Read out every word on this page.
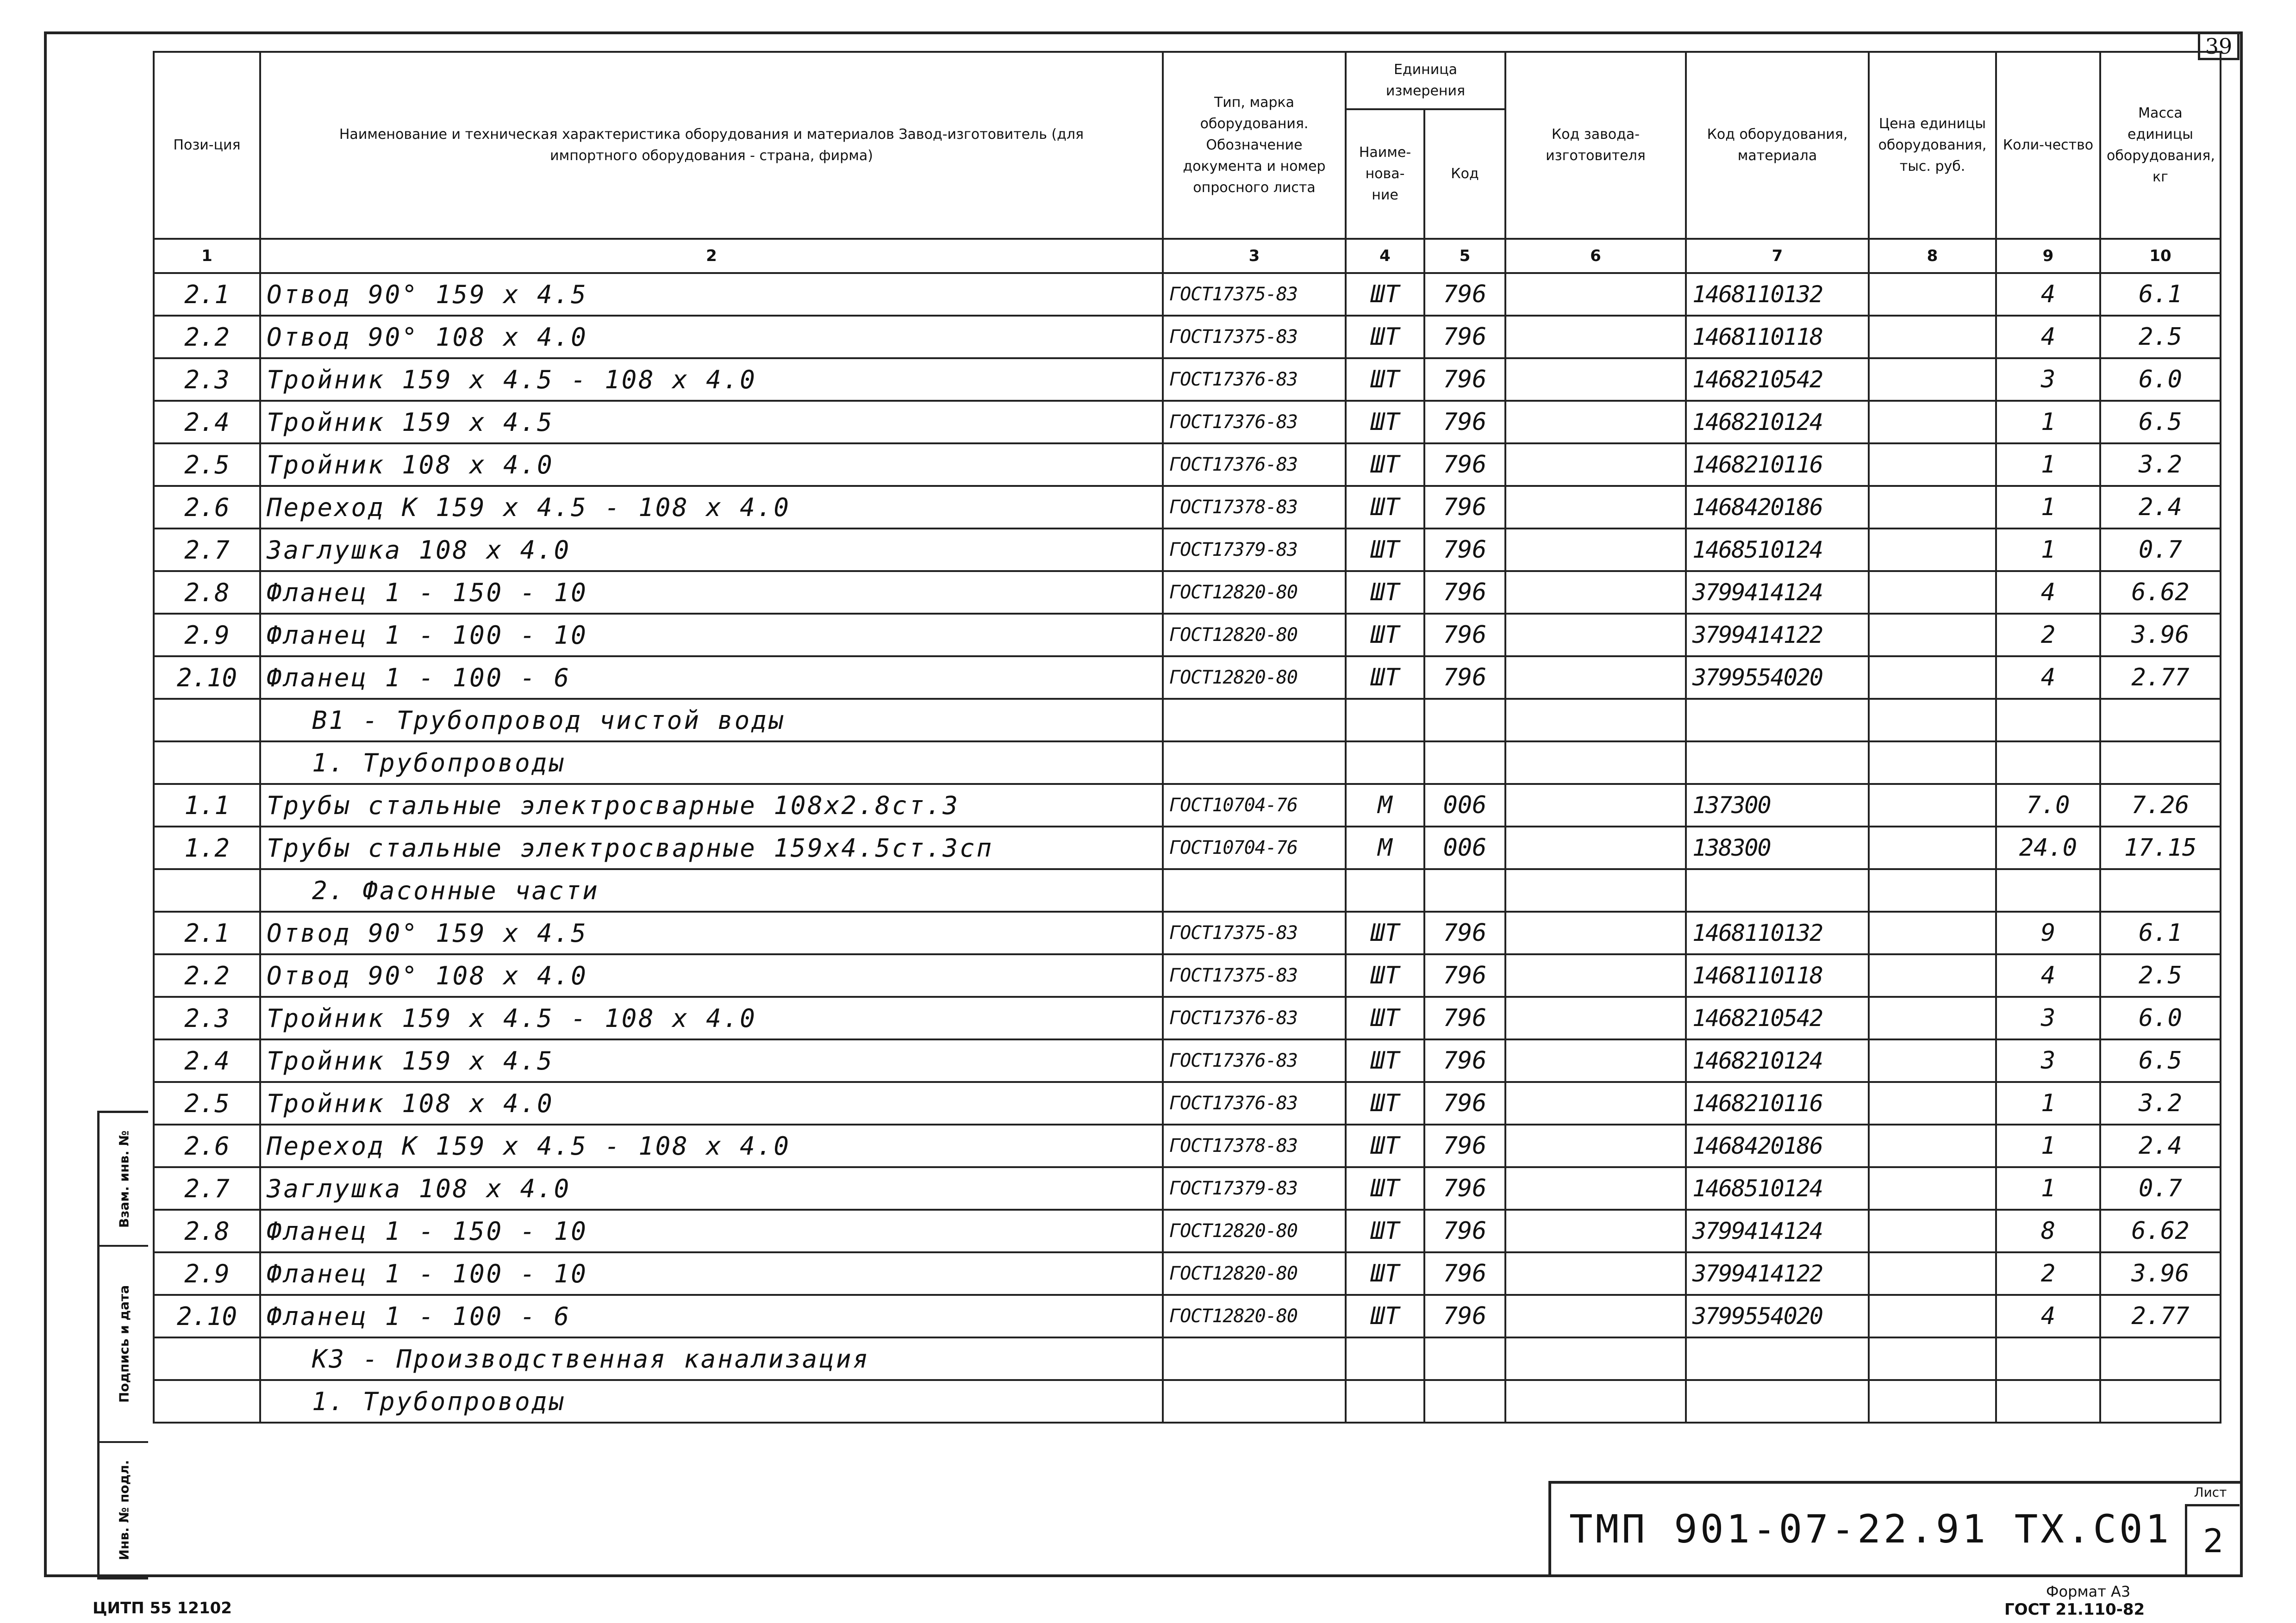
39
Пози-ция	Наименование и техническая характеристика оборудования и материалов Завод-изготовитель (для импортного оборудования - страна, фирма)	Тип, марка оборудования. Обозначение документа и номер опросного листа	Единица измерения		Код завода-изготовителя	Код оборудования, материала	Цена единицы оборудования, тыс. руб.	Коли-чество	Масса единицы оборудования, кг
			Наиме-нова-ние	Код					
1	2	3	4	5	6	7	8	9	10
2.1	Отвод 90° 159 х 4.5	ГОСТ17375-83	ШТ	796		1468110132		4	6.1
2.2	Отвод 90° 108 х 4.0	ГОСТ17375-83	ШТ	796		1468110118		4	2.5
2.3	Тройник 159 х 4.5 - 108 х 4.0	ГОСТ17376-83	ШТ	796		1468210542		3	6.0
2.4	Тройник 159 х 4.5	ГОСТ17376-83	ШТ	796		1468210124		1	6.5
2.5	Тройник 108 х 4.0	ГОСТ17376-83	ШТ	796		1468210116		1	3.2
2.6	Переход К 159 х 4.5 - 108 х 4.0	ГОСТ17378-83	ШТ	796		1468420186		1	2.4
2.7	Заглушка 108 х 4.0	ГОСТ17379-83	ШТ	796		1468510124		1	0.7
2.8	Фланец 1 - 150 - 10	ГОСТ12820-80	ШТ	796		3799414124		4	6.62
2.9	Фланец 1 - 100 - 10	ГОСТ12820-80	ШТ	796		3799414122		2	3.96
2.10	Фланец 1 - 100 - 6	ГОСТ12820-80	ШТ	796		3799554020		4	2.77
	В1 - Трубопровод чистой воды								
	1. Трубопроводы								
1.1	Трубы стальные электросварные 108х2.8ст.3	ГОСТ10704-76	М	006		137300		7.0	7.26
1.2	Трубы стальные электросварные 159х4.5ст.3сп	ГОСТ10704-76	М	006		138300		24.0	17.15
	2. Фасонные части								
2.1	Отвод 90° 159 х 4.5	ГОСТ17375-83	ШТ	796		1468110132		9	6.1
2.2	Отвод 90° 108 х 4.0	ГОСТ17375-83	ШТ	796		1468110118		4	2.5
2.3	Тройник 159 х 4.5 - 108 х 4.0	ГОСТ17376-83	ШТ	796		1468210542		3	6.0
2.4	Тройник 159 х 4.5	ГОСТ17376-83	ШТ	796		1468210124		3	6.5
2.5	Тройник 108 х 4.0	ГОСТ17376-83	ШТ	796		1468210116		1	3.2
2.6	Переход К 159 х 4.5 - 108 х 4.0	ГОСТ17378-83	ШТ	796		1468420186		1	2.4
2.7	Заглушка 108 х 4.0	ГОСТ17379-83	ШТ	796		1468510124		1	0.7
2.8	Фланец 1 - 150 - 10	ГОСТ12820-80	ШТ	796		3799414124		8	6.62
2.9	Фланец 1 - 100 - 10	ГОСТ12820-80	ШТ	796		3799414122		2	3.96
2.10	Фланец 1 - 100 - 6	ГОСТ12820-80	ШТ	796		3799554020		4	2.77
	К3 - Производственная канализация								
	1. Трубопроводы								
Взам. инв. №
Подпись и дата
Инв. № подл.	ТМП 901-07-22.91 ТХ.С01
Лист
2
Формат А3
ГОСТ 21.110-82
ЦИТП 55 12102
